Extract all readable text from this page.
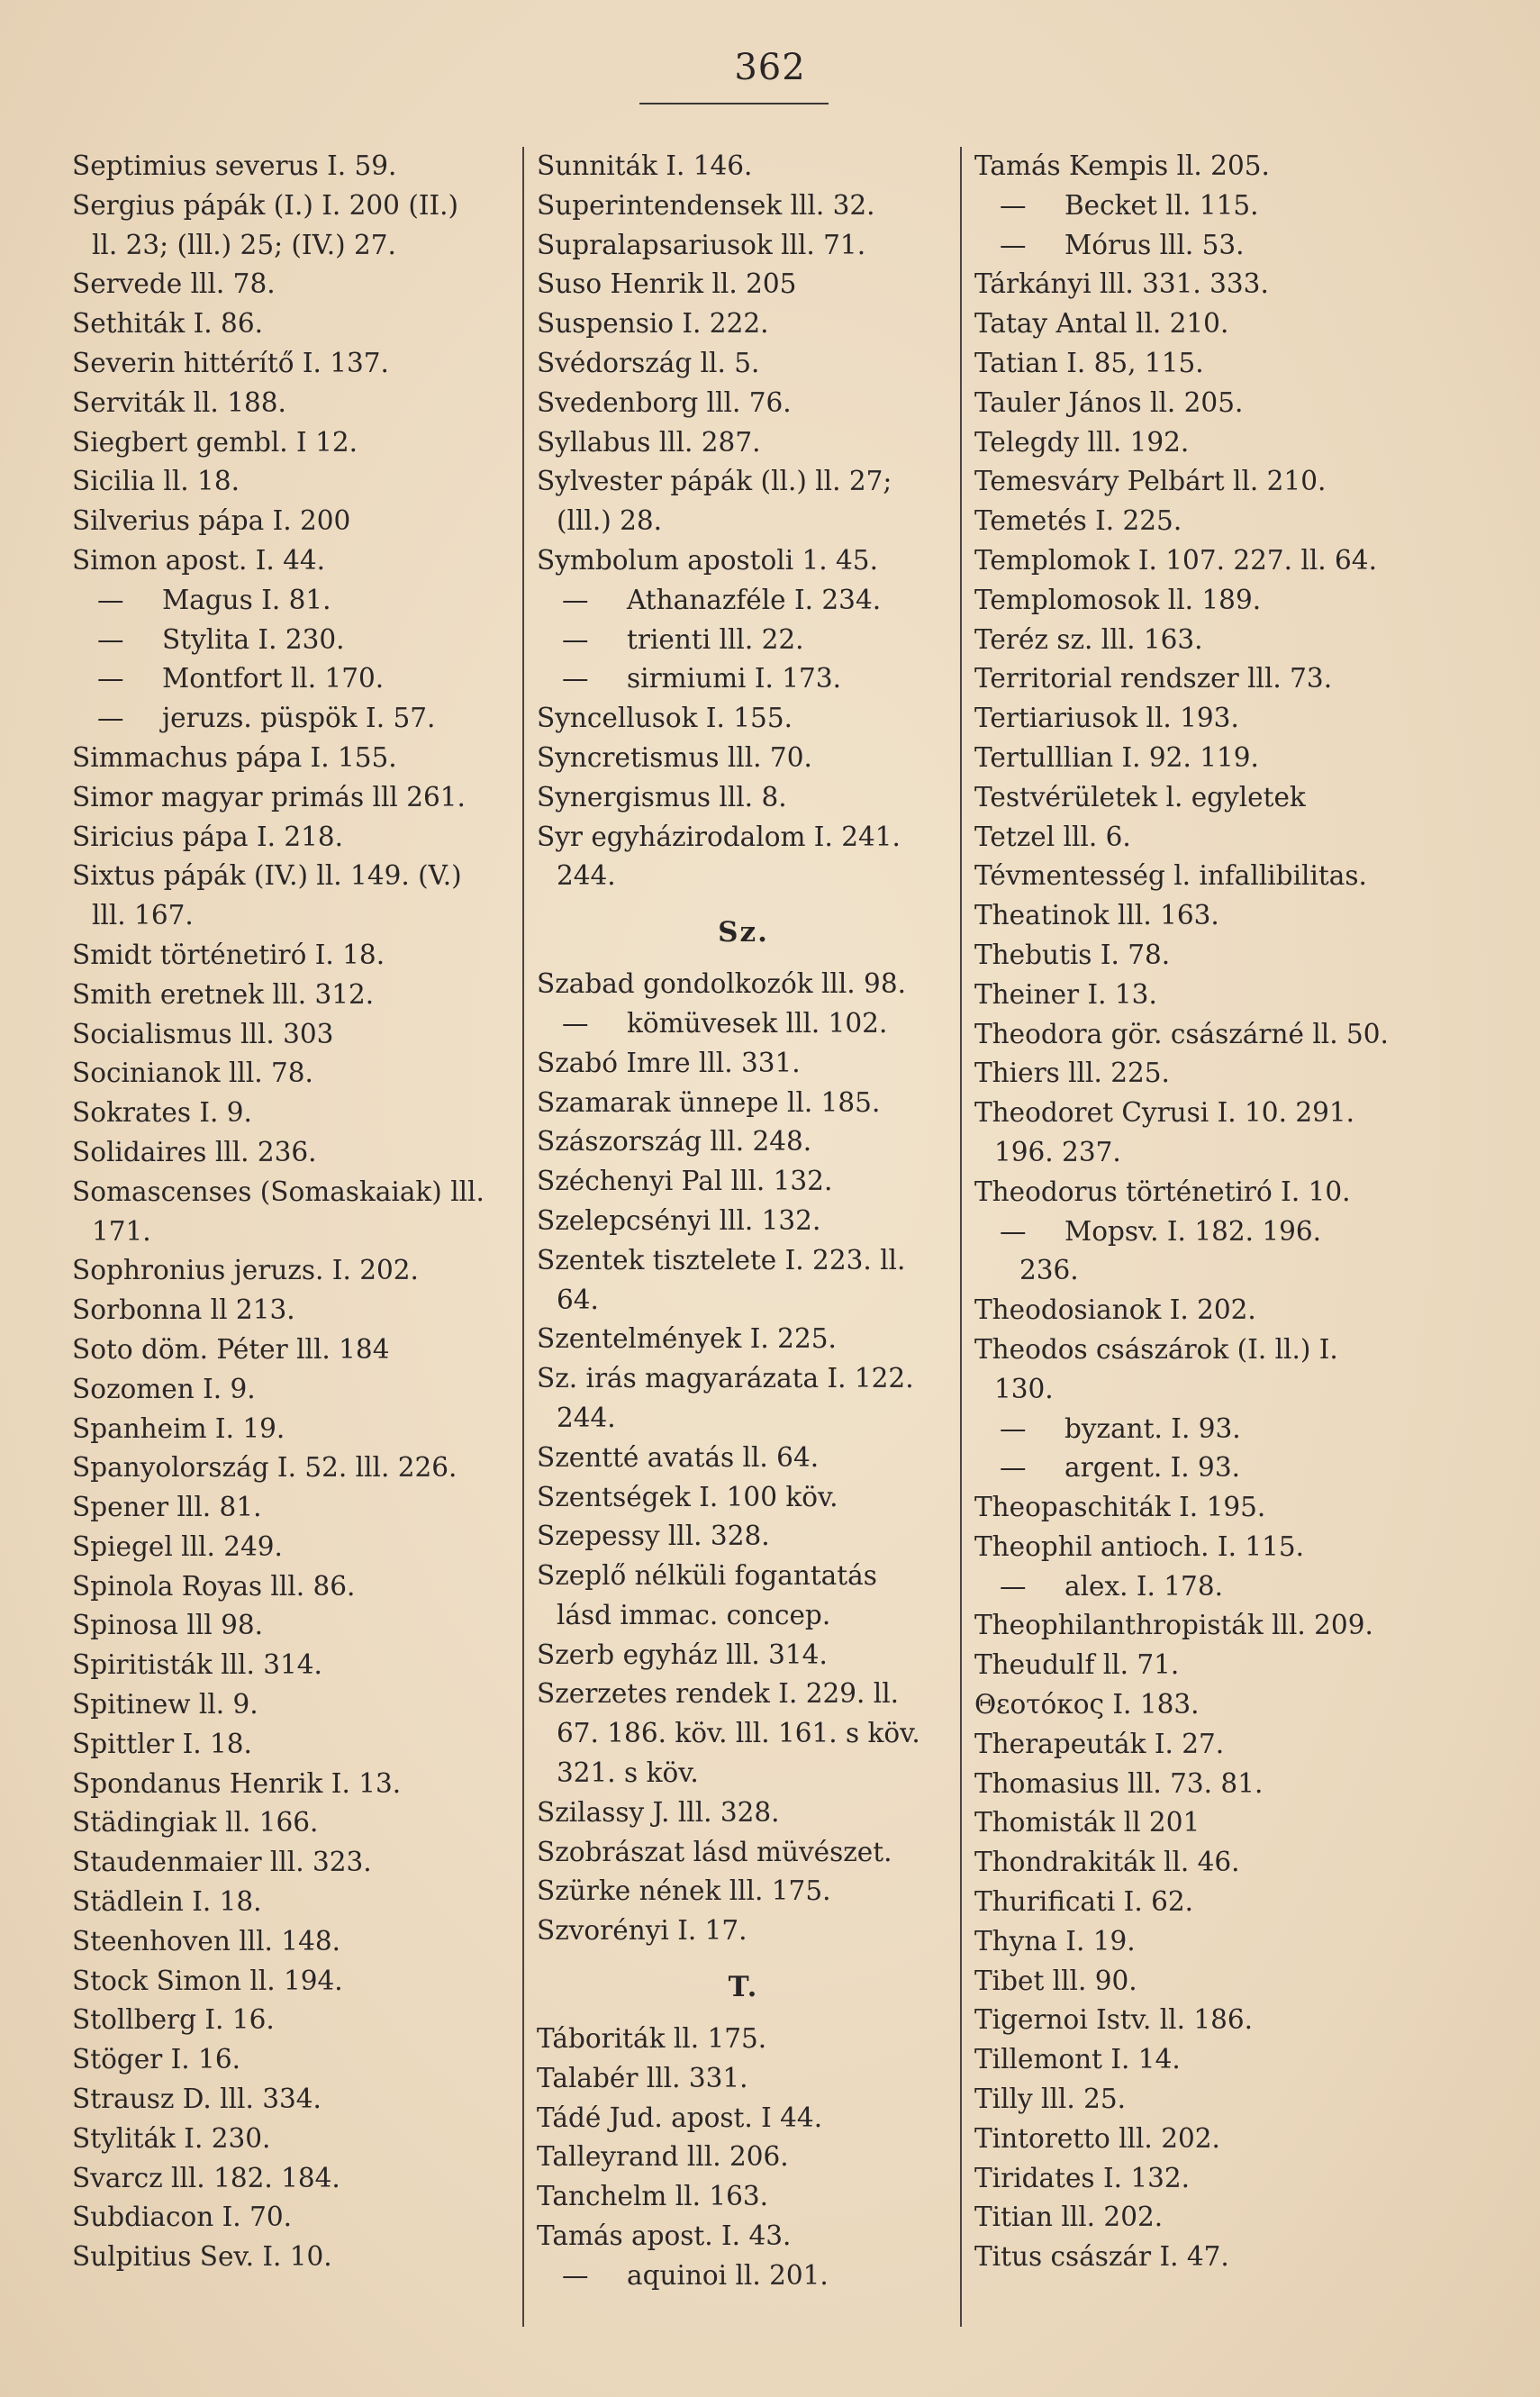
362
Septimius severus I. 59.
Sergius pápák (I.) I. 200 (II.)
ll. 23; (lll.) 25; (IV.) 27.
Servede lll. 78.
Sethiták I. 86.
Severin hittérítő I. 137.
Serviták ll. 188.
Siegbert gembl. I 12.
Sicilia ll. 18.
Silverius pápa I. 200
Simon apost. I. 44.
— Magus I. 81.
— Stylita I. 230.
— Montfort ll. 170.
— jeruzs. püspök I. 57.
Simmachus pápa I. 155.
Simor magyar primás lll 261.
Siricius pápa I. 218.
Sixtus pápák (IV.) ll. 149. (V.)
lll. 167.
Smidt történetiró I. 18.
Smith eretnek lll. 312.
Socialismus lll. 303
Socinianok lll. 78.
Sokrates I. 9.
Solidaires lll. 236.
Somascenses (Somaskaiak) lll.
171.
Sophronius jeruzs. I. 202.
Sorbonna ll 213.
Soto döm. Péter lll. 184
Sozomen I. 9.
Spanheim I. 19.
Spanyolország I. 52. lll. 226.
Spener lll. 81.
Spiegel lll. 249.
Spinola Royas lll. 86.
Spinosa lll 98.
Spiritisták lll. 314.
Spitinew ll. 9.
Spittler I. 18.
Spondanus Henrik I. 13.
Städingiak ll. 166.
Staudenmaier lll. 323.
Städlein I. 18.
Steenhoven lll. 148.
Stock Simon ll. 194.
Stollberg I. 16.
Stöger I. 16.
Strausz D. lll. 334.
Styliták I. 230.
Svarcz lll. 182. 184.
Subdiacon I. 70.
Sulpitius Sev. I. 10.
Sunniták I. 146.
Superintendensek lll. 32.
Supralapsariusok lll. 71.
Suso Henrik ll. 205
Suspensio I. 222.
Svédország ll. 5.
Svedenborg lll. 76.
Syllabus lll. 287.
Sylvester pápák (ll.) ll. 27;
(lll.) 28.
Symbolum apostoli 1. 45.
— Athanazféle I. 234.
— trienti lll. 22.
— sirmiumi I. 173.
Syncellusok I. 155.
Syncretismus lll. 70.
Synergismus lll. 8.
Syr egyházirodalom I. 241.
244.
Sz.
Szabad gondolkozók lll. 98.
— kömüvesek lll. 102.
Szabó Imre lll. 331.
Szamarak ünnepe ll. 185.
Szászország lll. 248.
Széchenyi Pal lll. 132.
Szelepcsényi lll. 132.
Szentek tisztelete I. 223. ll.
64.
Szentelmények I. 225.
Sz. irás magyarázata I. 122.
244.
Szentté avatás ll. 64.
Szentségek I. 100 köv.
Szepessy lll. 328.
Szeplő nélküli fogantatás
lásd immac. concep.
Szerb egyház lll. 314.
Szerzetes rendek I. 229. ll.
67. 186. köv. lll. 161. s köv.
321. s köv.
Szilassy J. lll. 328.
Szobrászat lásd müvészet.
Szürke nének lll. 175.
Szvorényi I. 17.
T.
Táboriták ll. 175.
Talabér lll. 331.
Tádé Jud. apost. I 44.
Talleyrand lll. 206.
Tanchelm ll. 163.
Tamás apost. I. 43.
— aquinoi ll. 201.
Tamás Kempis ll. 205.
— Becket ll. 115.
— Mórus lll. 53.
Tárkányi lll. 331. 333.
Tatay Antal ll. 210.
Tatian I. 85, 115.
Tauler János ll. 205.
Telegdy lll. 192.
Temesváry Pelbárt ll. 210.
Temetés I. 225.
Templomok I. 107. 227. ll. 64.
Templomosok ll. 189.
Teréz sz. lll. 163.
Territorial rendszer lll. 73.
Tertiariusok ll. 193.
Tertulllian I. 92. 119.
Testvérületek l. egyletek
Tetzel lll. 6.
Tévmentesség l. infallibilitas.
Theatinok lll. 163.
Thebutis I. 78.
Theiner I. 13.
Theodora gör. császárné ll. 50.
Thiers lll. 225.
Theodoret Cyrusi I. 10. 291.
196. 237.
Theodorus történetiró I. 10.
— Mopsv. I. 182. 196.
236.
Theodosianok I. 202.
Theodos császárok (I. ll.) I.
130.
— byzant. I. 93.
— argent. I. 93.
Theopaschiták I. 195.
Theophil antioch. I. 115.
— alex. I. 178.
Theophilanthropisták lll. 209.
Theudulf ll. 71.
Θεοτόκος I. 183.
Therapeuták I. 27.
Thomasius lll. 73. 81.
Thomisták ll 201
Thondrakiták ll. 46.
Thurificati I. 62.
Thyna I. 19.
Tibet lll. 90.
Tigernoi Istv. ll. 186.
Tillemont I. 14.
Tilly lll. 25.
Tintoretto lll. 202.
Tiridates I. 132.
Titian lll. 202.
Titus császár I. 47.
